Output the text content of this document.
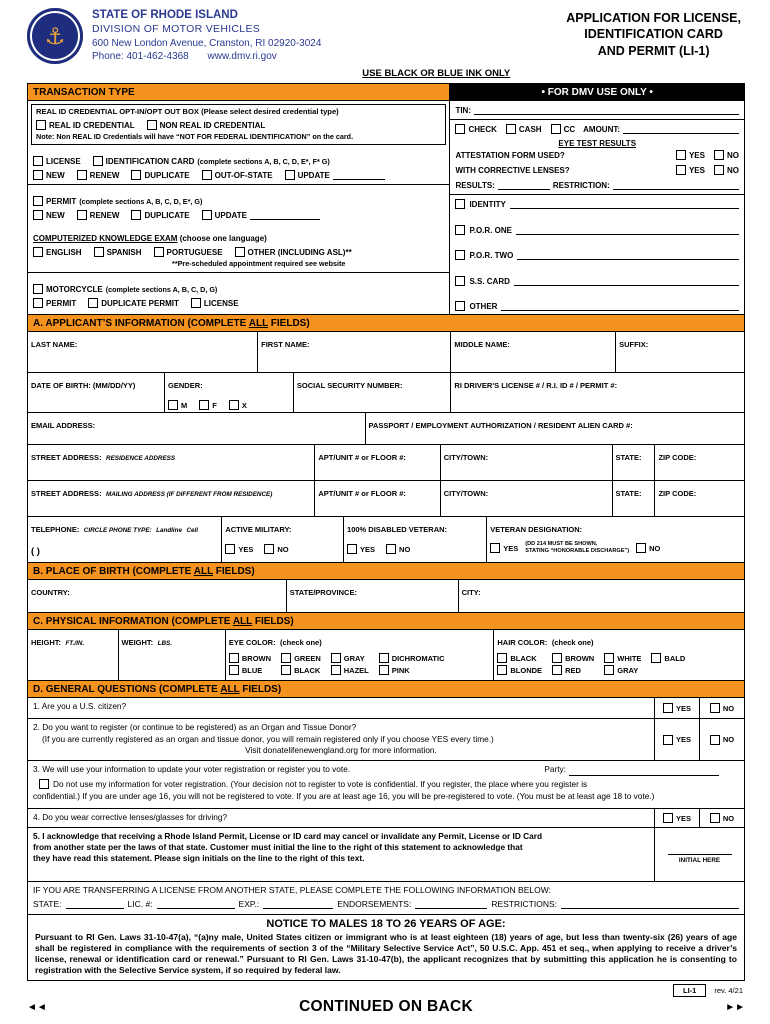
⚓
STATE OF RHODE ISLAND
DIVISION OF MOTOR VEHICLES
600 New London Avenue, Cranston, RI 02920-3024
Phone: 401-462-4368 www.dmv.ri.gov
APPLICATION FOR LICENSE,
IDENTIFICATION CARD
AND PERMIT (LI-1)
USE BLACK OR BLUE INK ONLY
TRANSACTION TYPE
REAL ID CREDENTIAL OPT-IN/OPT OUT BOX (Please select desired credential type)
REAL ID CREDENTIAL	NON REAL ID CREDENTIAL
Note: Non REAL ID Credentials will have “NOT FOR FEDERAL IDENTIFICATION” on the card.
LICENSE	IDENTIFICATION CARD (complete sections A, B, C, D, E*, F* G)
NEW	RENEW	DUPLICATE	OUT-OF-STATE	UPDATE
PERMIT (complete sections A, B, C, D, E*, G)
NEW	RENEW	DUPLICATE	UPDATE
COMPUTERIZED KNOWLEDGE EXAM (choose one language)
ENGLISH	SPANISH	PORTUGUESE	OTHER (INCLUDING ASL)**
**Pre-scheduled appointment required see website
MOTORCYCLE (complete sections A, B, C, D, G)
PERMIT	DUPLICATE PERMIT	LICENSE
• FOR DMV USE ONLY •
TIN:
CHECK	CASH	CC AMOUNT:
EYE TEST RESULTS
ATTESTATION FORM USED?	YES	NO
WITH CORRECTIVE LENSES?	YES	NO
RESULTS:	RESTRICTION:
IDENTITY
P.O.R. ONE
P.O.R. TWO
S.S. CARD
OTHER
A. APPLICANT’S INFORMATION (COMPLETE ALL FIELDS)
LAST NAME:	FIRST NAME:	MIDDLE NAME:	SUFFIX:
DATE OF BIRTH: (MM/DD/YY)	GENDER:
M	F	X
SOCIAL SECURITY NUMBER:	RI DRIVER'S LICENSE # / R.I. ID # / PERMIT #:
EMAIL ADDRESS:	PASSPORT / EMPLOYMENT AUTHORIZATION / RESIDENT ALIEN CARD #:
STREET ADDRESS: RESIDENCE ADDRESS	APT/UNIT # or FLOOR #:	CITY/TOWN:	STATE:	ZIP CODE:
STREET ADDRESS: MAILING ADDRESS (IF DIFFERENT FROM RESIDENCE)	APT/UNIT # or FLOOR #:	CITY/TOWN:	STATE:	ZIP CODE:
TELEPHONE: CIRCLE PHONE TYPE: Landline Cell
( )
ACTIVE MILITARY:
YES	NO
100% DISABLED VETERAN:
YES	NO
VETERAN DESIGNATION:
YES (DD 214 MUST BE SHOWN,
STATING “HONORABLE DISCHARGE”)	NO
B. PLACE OF BIRTH (COMPLETE ALL FIELDS)
COUNTRY:	STATE/PROVINCE:	CITY:
C. PHYSICAL INFORMATION (COMPLETE ALL FIELDS)
HEIGHT: FT./IN.	WEIGHT: LBS.	EYE COLOR: (check one)
BROWN	GREEN	GRAY	DICHROMATIC
BLUE	BLACK	HAZEL	PINK
HAIR COLOR: (check one)
BLACK	BROWN	WHITE	BALD
BLONDE	RED	GRAY
D. GENERAL QUESTIONS (COMPLETE ALL FIELDS)
1. Are you a U.S. citizen?	YES	NO
2. Do you want to register (or continue to be registered) as an Organ and Tissue Donor?
(If you are currently registered as an organ and tissue donor, you will remain registered only if you choose YES every time.)
Visit donatelifenewengland.org for more information.
YES	NO
3. We will use your information to update your voter registration or register you to vote.	Party:
Do not use my information for voter registration. (Your decision not to register to vote is confidential. If you register, the place where you register is
confidential.) If you are under age 16, you will not be registered to vote. If you are at least age 16, you will be pre-registered to vote. (You must be at least age 18 to vote.)
4. Do you wear corrective lenses/glasses for driving?	YES	NO
5. I acknowledge that receiving a Rhode Island Permit, License or ID card may cancel or invalidate any Permit, License or ID Card
from another state per the laws of that state. Customer must initial the line to the right of this statement to acknowledge that
they have read this statement. Please sign initials on the line to the right of this text.	INITIAL HERE
IF YOU ARE TRANSFERRING A LICENSE FROM ANOTHER STATE, PLEASE COMPLETE THE FOLLOWING INFORMATION BELOW:
STATE:	LIC. #:	EXP.:	ENDORSEMENTS:	RESTRICTIONS:
NOTICE TO MALES 18 TO 26 YEARS OF AGE:
Pursuant to RI Gen. Laws 31-10-47(a), “(a)ny male, United States citizen or immigrant who is at least eighteen (18) years of age, but less than twenty-six (26) years of age shall be registered in compliance with the requirements of section 3 of the “Military Selective Service Act”, 50 U.S.C. App. 451 et seq., when applying to receive a driver’s license, renewal or identification card or renewal.” Pursuant to RI Gen. Laws 31-10-47(b), the applicant recognizes that by submitting this application he is consenting to registration with the Selective Service system, if so required by federal law.
LI-1	rev. 4/21
◄◄	CONTINUED ON BACK	►►
